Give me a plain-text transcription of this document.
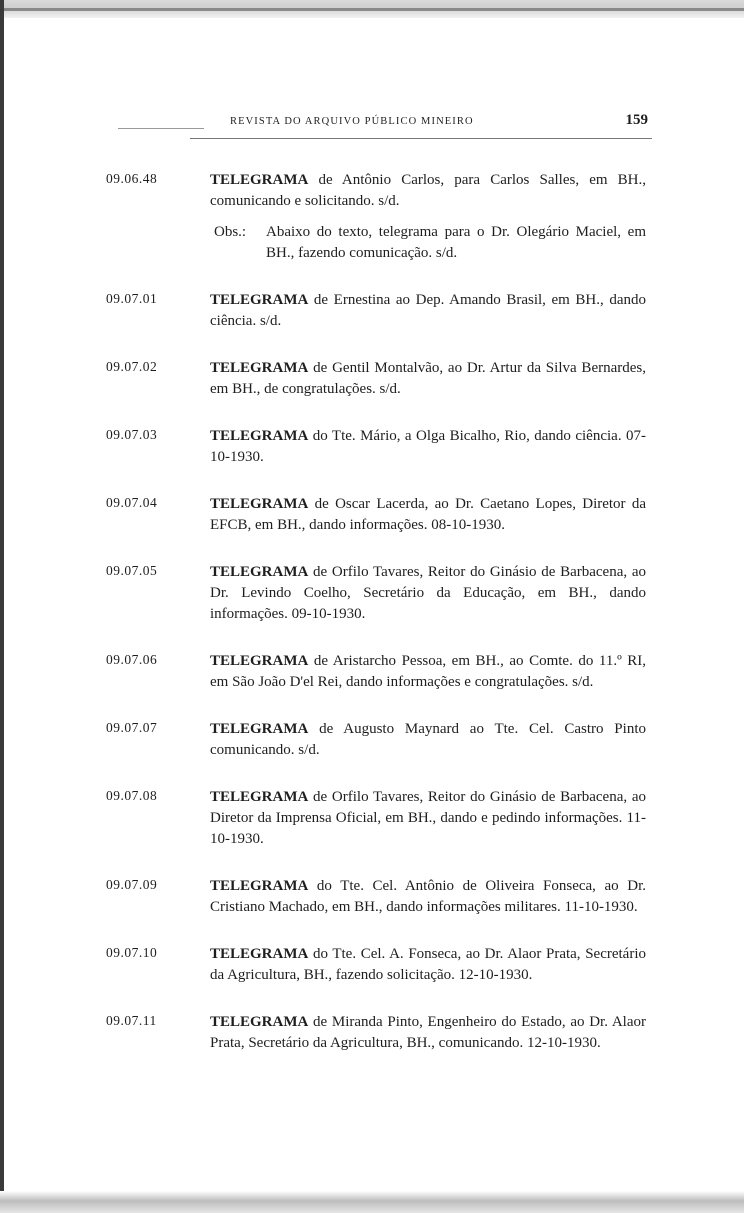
REVISTA DO ARQUIVO PÚBLICO MINEIRO	159
09.06.48	TELEGRAMA de Antônio Carlos, para Carlos Salles, em BH., comunicando e solicitando. s/d.
Obs.:	Abaixo do texto, telegrama para o Dr. Olegário Maciel, em BH., fazendo comunicação. s/d.
09.07.01	TELEGRAMA de Ernestina ao Dep. Amando Brasil, em BH., dando ciência. s/d.
09.07.02	TELEGRAMA de Gentil Montalvão, ao Dr. Artur da Silva Bernardes, em BH., de congratulações. s/d.
09.07.03	TELEGRAMA do Tte. Mário, a Olga Bicalho, Rio, dando ciência. 07-10-1930.
09.07.04	TELEGRAMA de Oscar Lacerda, ao Dr. Caetano Lopes, Diretor da EFCB, em BH., dando informações. 08-10-1930.
09.07.05	TELEGRAMA de Orfilo Tavares, Reitor do Ginásio de Barbacena, ao Dr. Levindo Coelho, Secretário da Educação, em BH., dando informações. 09-10-1930.
09.07.06	TELEGRAMA de Aristarcho Pessoa, em BH., ao Comte. do 11.º RI, em São João D'el Rei, dando informações e congratulações. s/d.
09.07.07	TELEGRAMA de Augusto Maynard ao Tte. Cel. Castro Pinto comunicando. s/d.
09.07.08	TELEGRAMA de Orfilo Tavares, Reitor do Ginásio de Barbacena, ao Diretor da Imprensa Oficial, em BH., dando e pedindo informações. 11-10-1930.
09.07.09	TELEGRAMA do Tte. Cel. Antônio de Oliveira Fonseca, ao Dr. Cristiano Machado, em BH., dando informações militares. 11-10-1930.
09.07.10	TELEGRAMA do Tte. Cel. A. Fonseca, ao Dr. Alaor Prata, Secretário da Agricultura, BH., fazendo solicitação. 12-10-1930.
09.07.11	TELEGRAMA de Miranda Pinto, Engenheiro do Estado, ao Dr. Alaor Prata, Secretário da Agricultura, BH., comunicando. 12-10-1930.
